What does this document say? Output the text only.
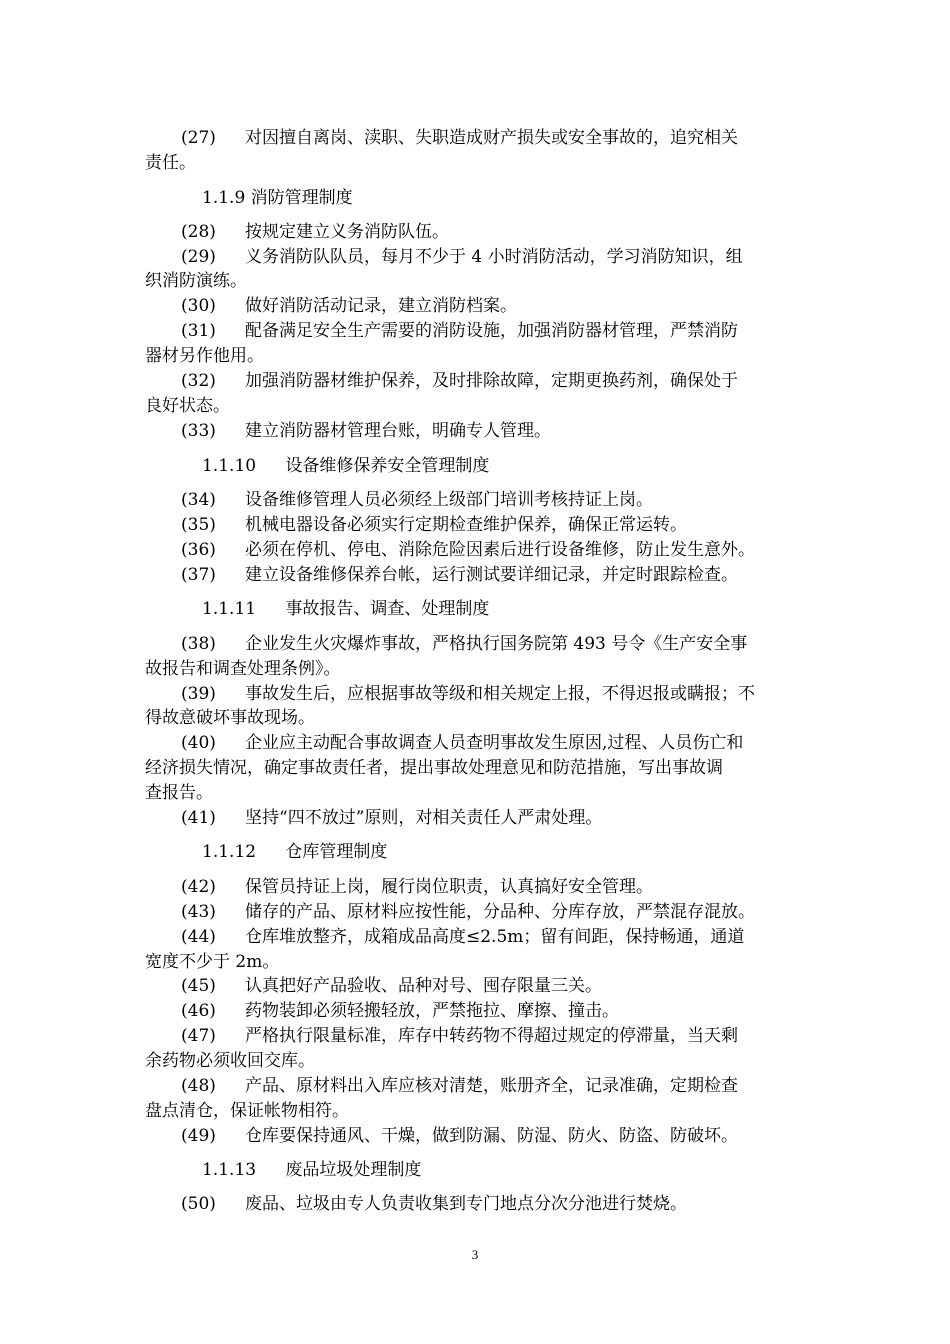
(27) 对因擅自离岗、渎职、失职造成财产损失或安全事故的，追究相关
责任。
1.1.9 消防管理制度
(28) 按规定建立义务消防队伍。
(29) 义务消防队队员，每月不少于 4 小时消防活动，学习消防知识，组
织消防演练。
(30) 做好消防活动记录，建立消防档案。
(31) 配备满足安全生产需要的消防设施，加强消防器材管理，严禁消防
器材另作他用。
(32) 加强消防器材维护保养，及时排除故障，定期更换药剂，确保处于
良好状态。
(33) 建立消防器材管理台账，明确专人管理。
1.1.10 设备维修保养安全管理制度
(34) 设备维修管理人员必须经上级部门培训考核持证上岗。
(35) 机械电器设备必须实行定期检查维护保养，确保正常运转。
(36) 必须在停机、停电、消除危险因素后进行设备维修，防止发生意外。
(37) 建立设备维修保养台帐，运行测试要详细记录，并定时跟踪检查。
1.1.11 事故报告、调查、处理制度
(38) 企业发生火灾爆炸事故，严格执行国务院第 493 号令《生产安全事
故报告和调查处理条例》。
(39) 事故发生后，应根据事故等级和相关规定上报，不得迟报或瞒报；不
得故意破坏事故现场。
(40) 企业应主动配合事故调查人员查明事故发生原因,过程、人员伤亡和
经济损失情况，确定事故责任者，提出事故处理意见和防范措施，写出事故调
查报告。
(41) 坚持“四不放过”原则，对相关责任人严肃处理。
1.1.12 仓库管理制度
(42) 保管员持证上岗，履行岗位职责，认真搞好安全管理。
(43) 储存的产品、原材料应按性能，分品种、分库存放，严禁混存混放。
(44) 仓库堆放整齐，成箱成品高度≤2.5m；留有间距，保持畅通，通道
宽度不少于 2m。
(45) 认真把好产品验收、品种对号、囤存限量三关。
(46) 药物装卸必须轻搬轻放，严禁拖拉、摩擦、撞击。
(47) 严格执行限量标准，库存中转药物不得超过规定的停滞量，当天剩
余药物必须收回交库。
(48) 产品、原材料出入库应核对清楚，账册齐全，记录准确，定期检查
盘点清仓，保证帐物相符。
(49) 仓库要保持通风、干燥，做到防漏、防湿、防火、防盗、防破坏。
1.1.13 废品垃圾处理制度
(50) 废品、垃圾由专人负责收集到专门地点分次分池进行焚烧。
3
